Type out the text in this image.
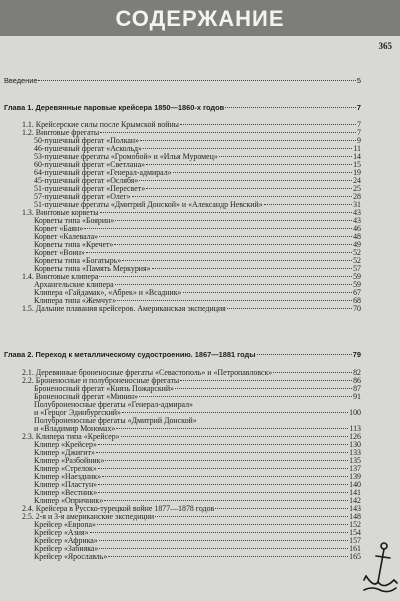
СОДЕРЖАНИЕ
365
Введение	5
Глава 1. Деревянные паровые крейсера 1850—1860-х годов	7
1.1. Крейсерские силы после Крымской войны	7
1.2. Винтовые фрегаты	7
50-пушечный фрегат «Полкан»	9
46-пушечный фрегат «Аскольд»	11
53-пушечные фрегаты «Громобой» и «Илья Муромец»	14
60-пушечный фрегат «Светлана»	15
64-пушечный фрегат «Генерал-адмирал»	19
45-пушечный фрегат «Ослябя»	24
51-пушечный фрегат «Пересвет»	25
57-пушечный фрегат «Олег»	28
51-пушечные фрегаты «Дмитрий Донской» и «Александр Невский»	31
1.3. Винтовые корветы	43
Корветы типа «Боярин»	43
Корвет «Баян»	46
Корвет «Калевала»	48
Корветы типа «Кречет»	49
Корвет «Воин»	52
Корветы типа «Богатырь»	52
Корветы типа «Память Меркурия»	57
1.4. Винтовые клипера	59
Архангельские клипера	59
Клипера «Гайдамак», «Абрек» и «Всадник»	67
Клипера типа «Жемчуг»	68
1.5. Дальние плавания крейсеров. Американская экспедиция	70
Глава 2. Переход к металлическому судостроению. 1867—1881 годы	79
2.1. Деревянные броненосные фрегаты «Севастополь» и «Петропавловск»	82
2.2. Броненосные и полуброненосные фрегаты	86
Броненосный фрегат «Князь Пожарский»	87
Броненосный фрегат «Минин»	91
Полуброненосные фрегаты «Генерал-адмирал»
и «Герцог Эдинбургский»	100
Полуброненосные фрегаты «Дмитрий Донской»
и «Владимир Мономах»	113
2.3. Клипера типа «Крейсер»	126
Клипер «Крейсер»	130
Клипер «Джигит»	133
Клипер «Разбойник»	135
Клипер «Стрелок»	137
Клипер «Наездник»	139
Клипер «Пластун»	140
Клипер «Вестник»	141
Клипер «Опричник»	142
2.4. Крейсера в Русско-турецкой войне 1877—1878 годов	143
2.5. 2-я и 3-я американские экспедиции	148
Крейсер «Европа»	152
Крейсер «Азия»	154
Крейсер «Африка»	157
Крейсер «Забияка»	161
Крейсер «Ярославль»	165
